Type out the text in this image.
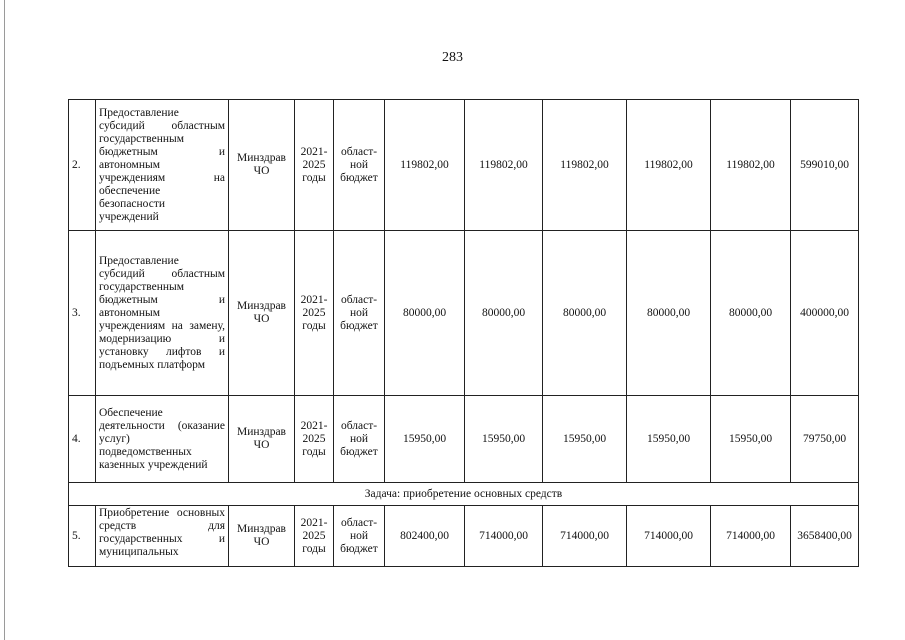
283
2.	Предоставление субсидий областным государственным бюджетным и автономным учреждениям на обеспечение безопасности учреждений	Минздрав ЧО	2021-2025 годы	област-ной бюджет	119802,00	119802,00	119802,00	119802,00	119802,00	599010,00
3.	Предоставление субсидий областным государственным бюджетным и автономным учреждениям на замену, модернизацию и установку лифтов и подъемных платформ	Минздрав ЧО	2021-2025 годы	област-ной бюджет	80000,00	80000,00	80000,00	80000,00	80000,00	400000,00
4.	Обеспечение деятельности (оказание услуг) подведомственных казенных учреждений	Минздрав ЧО	2021-2025 годы	област-ной бюджет	15950,00	15950,00	15950,00	15950,00	15950,00	79750,00
Задача: приобретение основных средств										
5.	Приобретение основных средств для государственных и муниципальных	Минздрав ЧО	2021-2025 годы	област-ной бюджет	802400,00	714000,00	714000,00	714000,00	714000,00	3658400,00
